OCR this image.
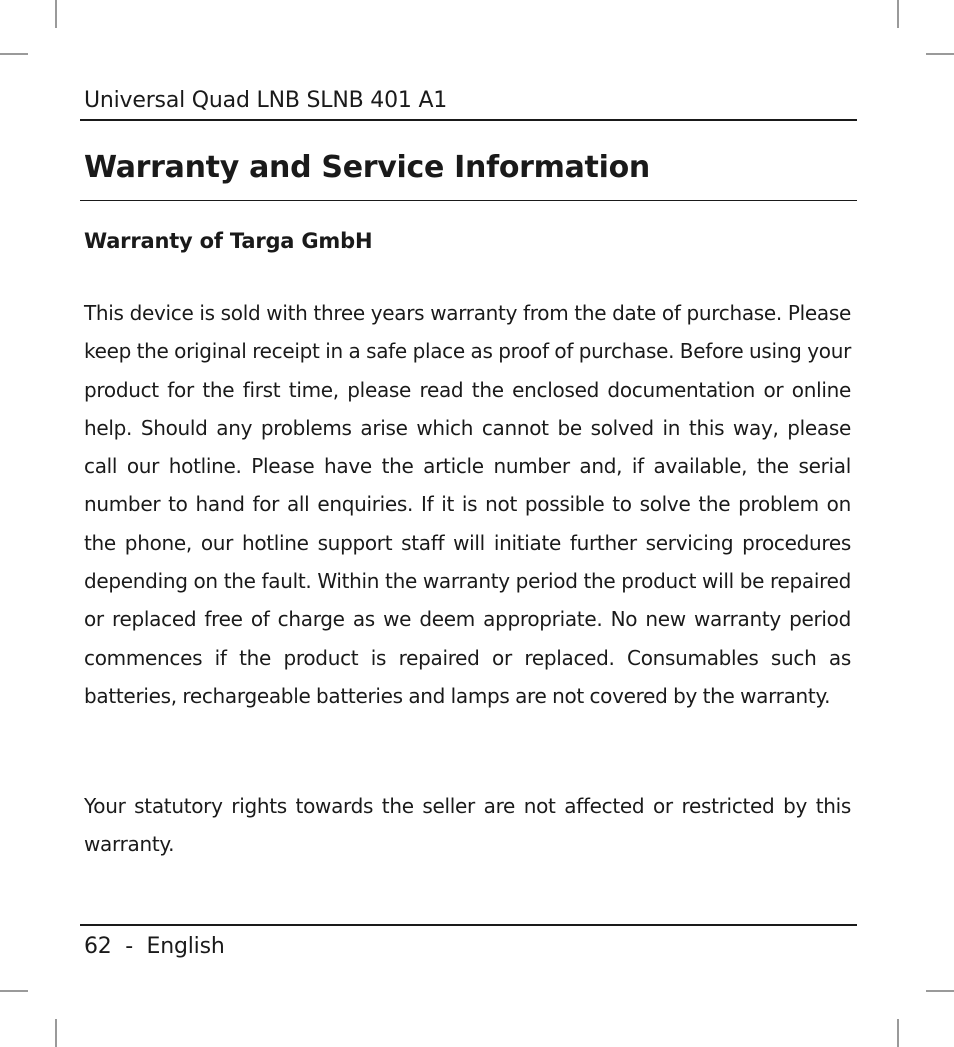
Universal Quad LNB SLNB 401 A1
Warranty and Service Information
Warranty of Targa GmbH

This device is sold with three years warranty from the date of purchase. Please keep the original receipt in a safe place as proof of purchase. Before using your product for the first time, please read the enclosed documentation or online help. Should any problems arise which cannot be solved in this way, please call our hotline. Please have the article number and, if available, the serial number to hand for all enquiries. If it is not possible to solve the problem on the phone, our hotline support staff will initiate further servicing procedures depending on the fault. Within the warranty period the product will be repaired or replaced free of charge as we deem appropriate. No new warranty period commences if the product is repaired or replaced. Consumables such as batteries, rechargeable batteries and lamps are not covered by the warranty.

Your statutory rights towards the seller are not affected or restricted by this warranty.

62 - English
